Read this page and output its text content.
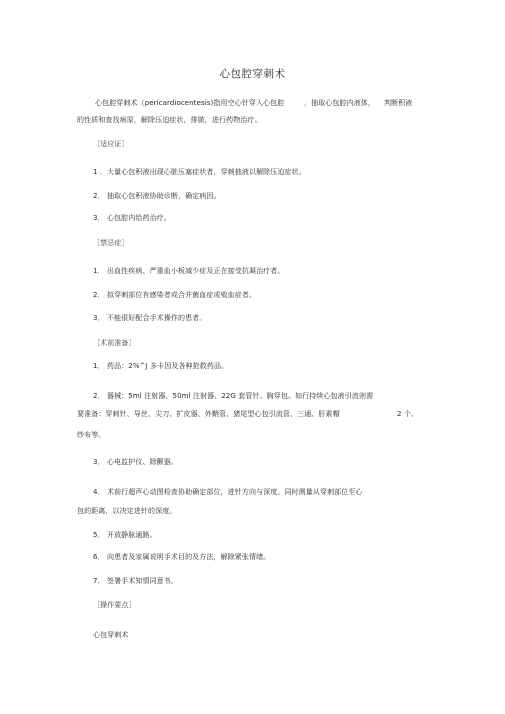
心包腔穿刺术
心包腔穿刺术（pericardiocentesis)指用空心针穿入心包腔	，抽取心包腔内液体， 判断积液
的性质和查找病原，解除压迫症状，排脓，进行药物治疗。
［适应证］
1 ．大量心包积液出现心脏压塞症状者，穿刺抽液以解除压迫症状。
2． 抽取心包积液协助诊断，确定病因。
3． 心包腔内给药治疗。
［禁忌症］
1． 出血性疾病、严重血小板减少症及正在接受抗凝治疗者。
2． 拟穿刺部位有感染者或合并菌血症或败血症者。
3． 不能很好配合手术操作的患者。
［术前准备］
1． 药品：2%^J 多卡因及各种抢救药品。
2． 器械：5ml 注射器、50ml 注射器、22G 套管针、胸穿包。如行持续心包液引流则需
要准备：穿刺针、导丝、尖刀、扩皮器、外鞘管、猪尾型心包引流管、三通、肝素帽	2 个、
纱布等。
3． 心电监护仪、除颤器。
4． 术前行超声心动图检查协助确定部位，进针方向与深度。同时测量从穿刺部位至心
包的距离，以决定进针的深度。
5． 开放静脉通路。
6． 向患者及家属说明手术目的及方法，解除紧张情绪。
7． 签署手术知情同意书。
［操作要点］
心包穿刺术
